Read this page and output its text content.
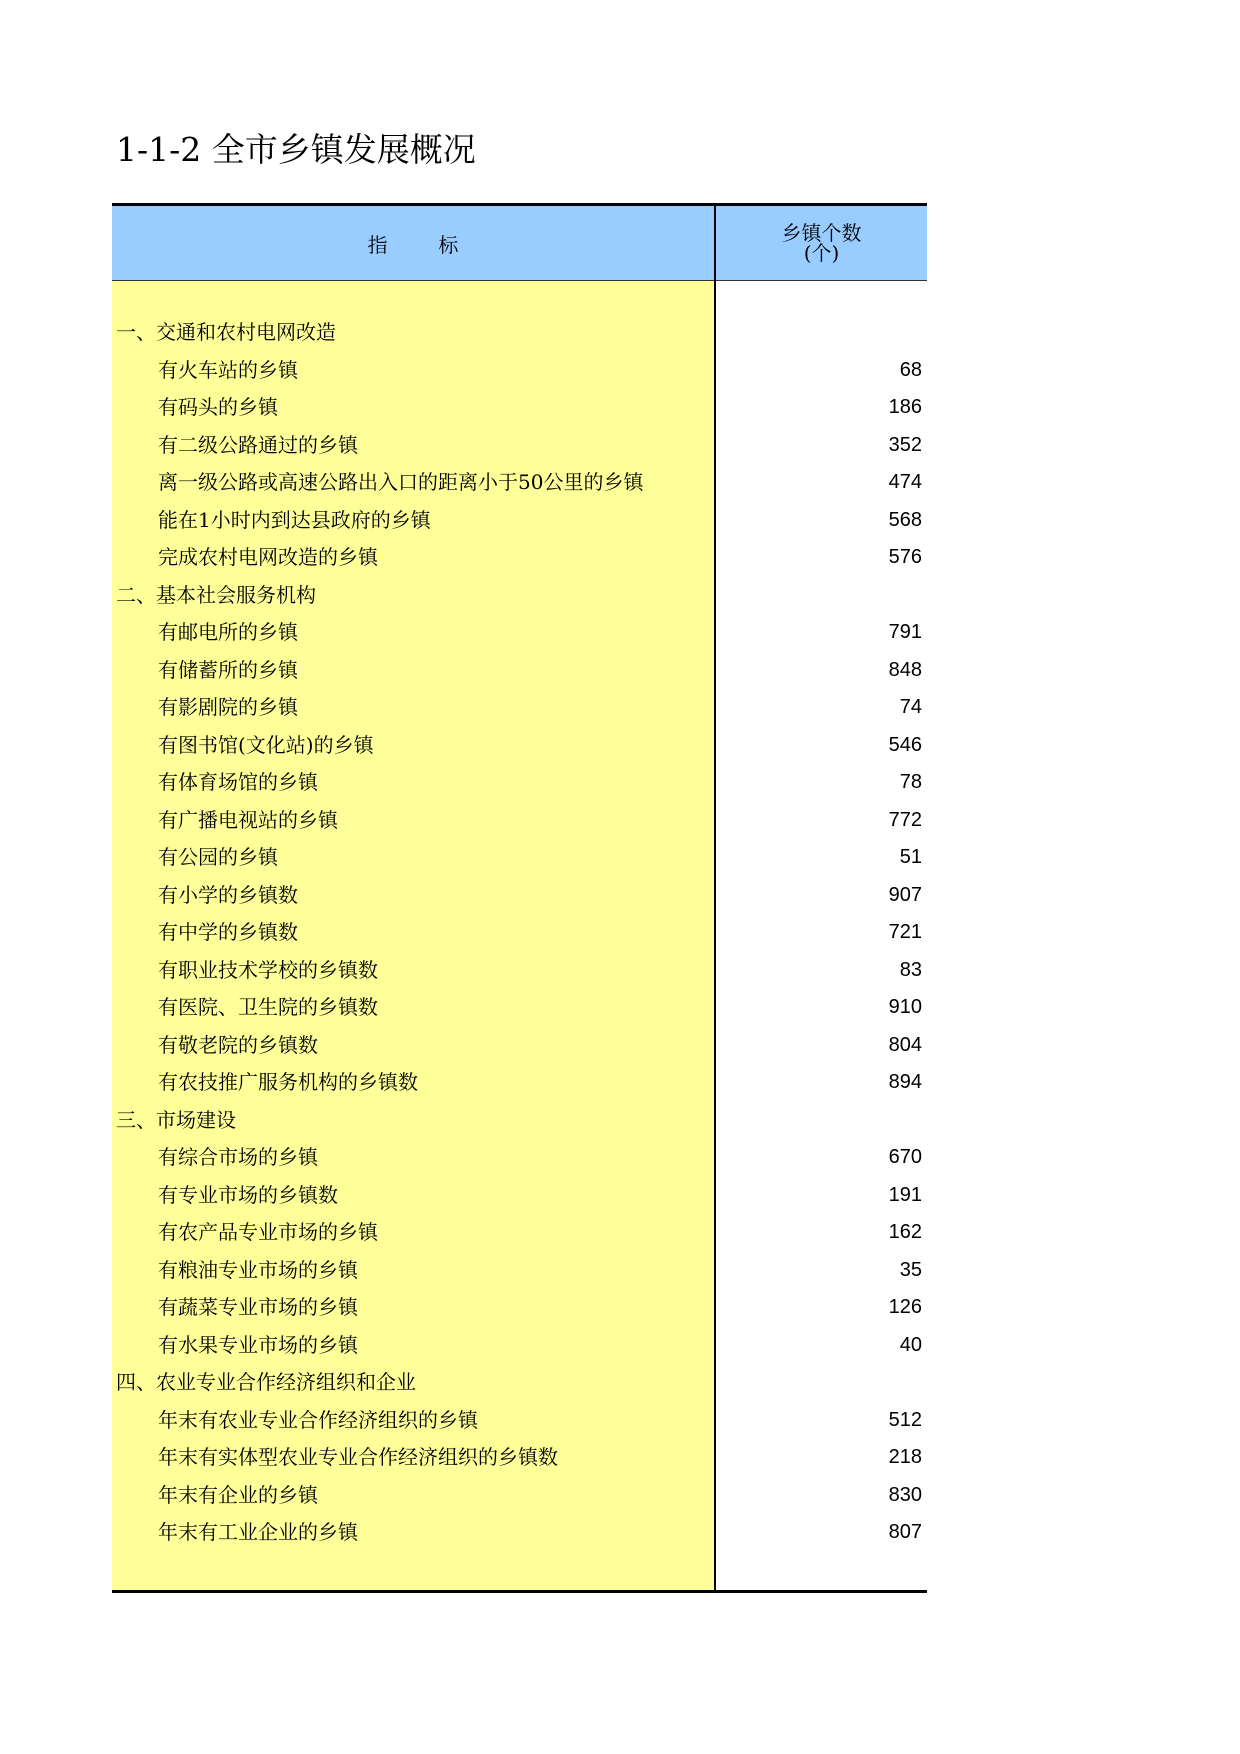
1-1-2 全市乡镇发展概况
指        标	乡镇个数
(个)
一、交通和农村电网改造
有火车站的乡镇	68
有码头的乡镇	186
有二级公路通过的乡镇	352
离一级公路或高速公路出入口的距离小于50公里的乡镇	474
能在1小时内到达县政府的乡镇	568
完成农村电网改造的乡镇	576
二、基本社会服务机构
有邮电所的乡镇	791
有储蓄所的乡镇	848
有影剧院的乡镇	74
有图书馆(文化站)的乡镇	546
有体育场馆的乡镇	78
有广播电视站的乡镇	772
有公园的乡镇	51
有小学的乡镇数	907
有中学的乡镇数	721
有职业技术学校的乡镇数	83
有医院、卫生院的乡镇数	910
有敬老院的乡镇数	804
有农技推广服务机构的乡镇数	894
三、市场建设
有综合市场的乡镇	670
有专业市场的乡镇数	191
有农产品专业市场的乡镇	162
有粮油专业市场的乡镇	35
有蔬菜专业市场的乡镇	126
有水果专业市场的乡镇	40
四、农业专业合作经济组织和企业
年末有农业专业合作经济组织的乡镇	512
年末有实体型农业专业合作经济组织的乡镇数	218
年末有企业的乡镇	830
年末有工业企业的乡镇	807
